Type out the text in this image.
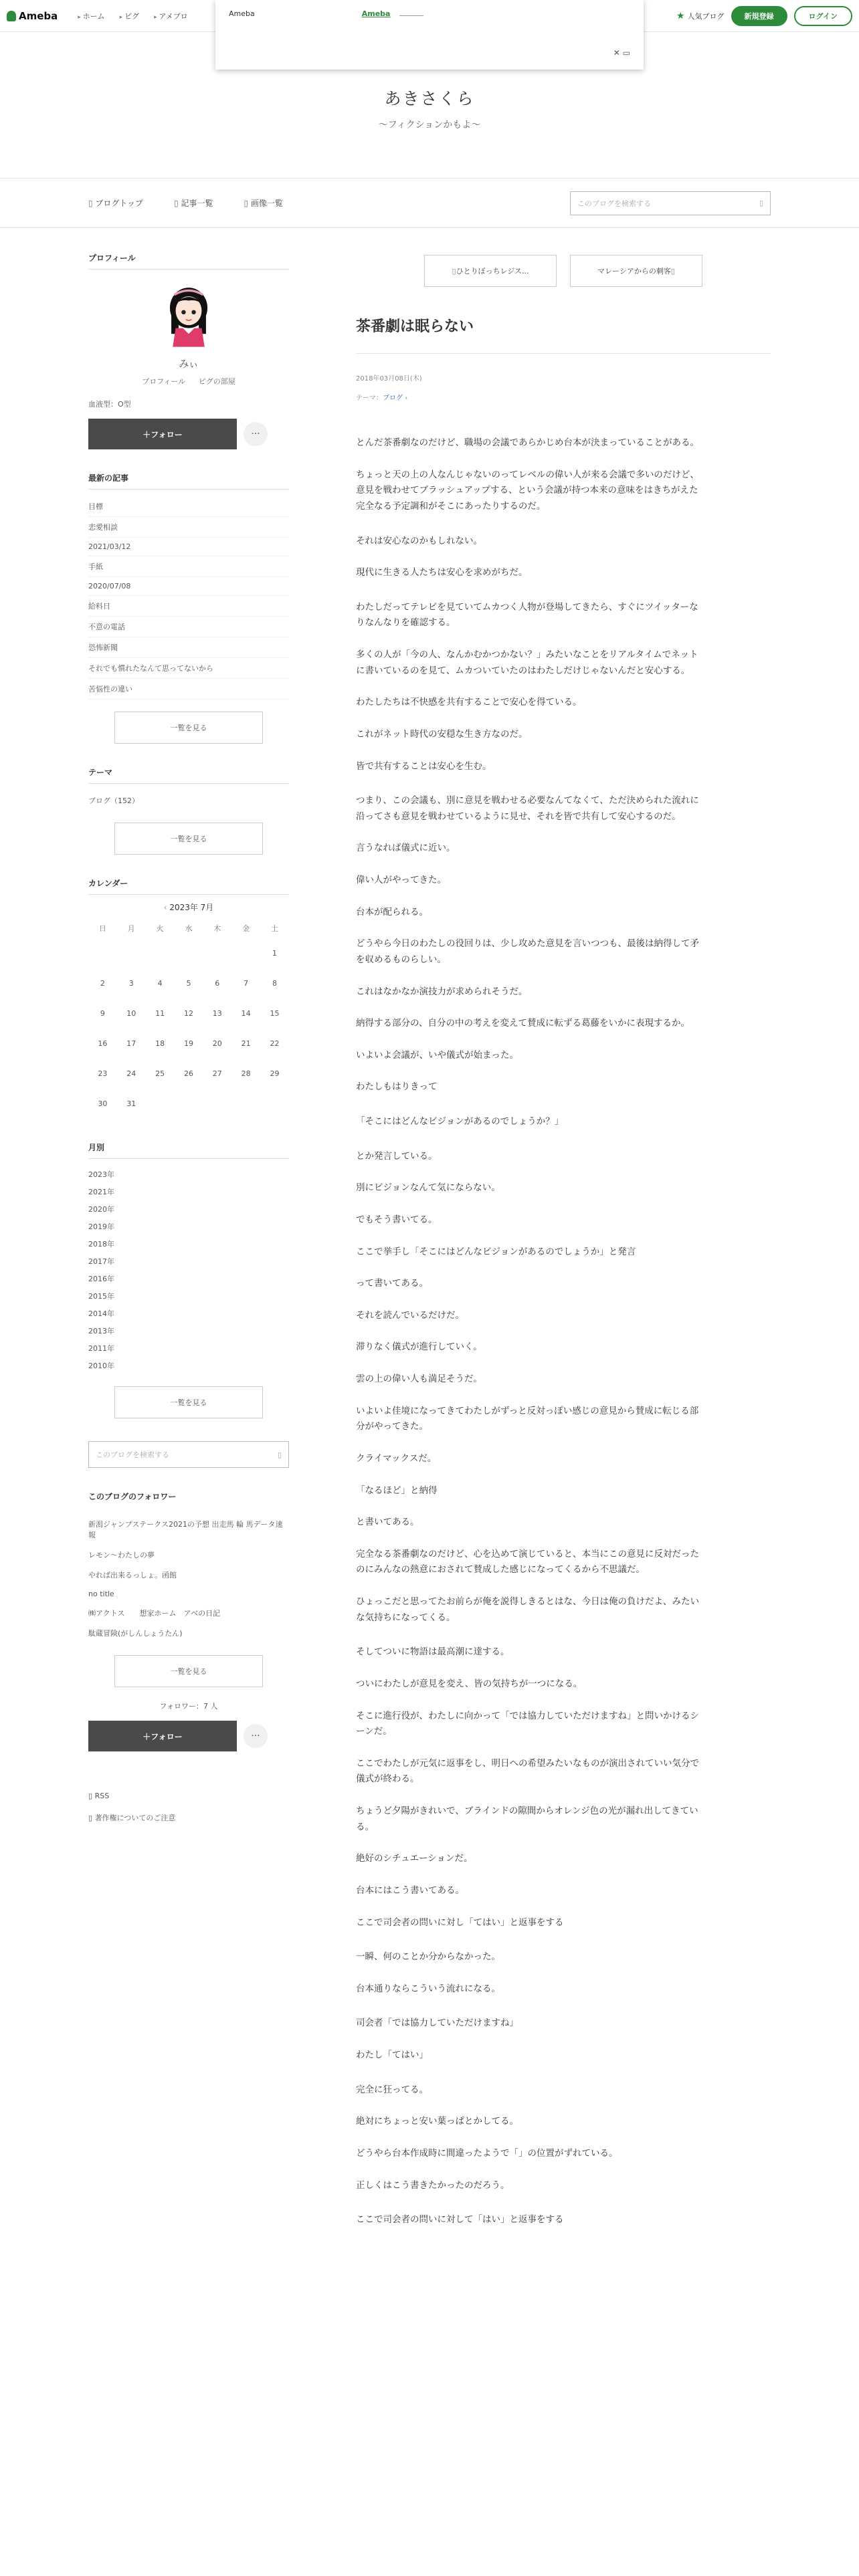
Ameba	▸ ホーム	▸ ピグ	▸ アメブロ	★ 人気ブログ	新規登録	ログイン
Ameba	Ameba
✕ ▭
あきさくら
〜フィクションかもよ〜
▯ ブログトップ	▯ 記事一覧	▯ 画像一覧	このブログを検索する	▯
プロフィール
みぃ
プロフィール ピグの部屋
血液型：O型
＋フォロー	···
最新の記事
目標
恋愛相談
2021/03/12
手紙
2020/07/08
給料日
不意の電話
恐怖新聞
それでも慣れたなんて思ってないから
苦悩性の違い
一覧を見る
テーマ
ブログ（152）
一覧を見る
カレンダー
‹ 2023年 7月
日	月	火	水	木	金	土
						1
2	3	4	5	6	7	8
9	10	11	12	13	14	15
16	17	18	19	20	21	22
23	24	25	26	27	28	29
30	31					
月別
2023年
2021年
2020年
2019年
2018年
2017年
2016年
2015年
2014年
2013年
2011年
2010年
一覧を見る
このブログを検索する	▯
このブログのフォロワー
新潟ジャンプステークス2021の予想 出走馬 輪 馬データ速報
レモン〜わたしの夢
やれば出来るっしょ。函館
no title
㈱アクトス　　想家ホーム　アベの日記
駄蔵冒険(がしんしょうたん)
一覧を見る
フォロワー：7 人
＋フォロー	···
▯ RSS
▯ 著作権についてのご注意
▯ ひとりぼっちレジス...	マレーシアからの刺客 ▯
茶番劇は眠らない
2018年03月08日(木)
テーマ：ブログ ›

とんだ茶番劇なのだけど、職場の会議であらかじめ台本が決まっていることがある。

ちょっと天の上の人なんじゃないのってレベルの偉い人が来る会議で多いのだけど、
意見を戦わせてブラッシュアップする、という会議が持つ本来の意味をはきちがえた
完全なる予定調和がそこにあったりするのだ。

それは安心なのかもしれない。

現代に生きる人たちは安心を求めがちだ。

わたしだってテレビを見ていてムカつく人物が登場してきたら、すぐにツイッターな
りなんなりを確認する。

多くの人が「今の人、なんかむかつかない？」みたいなことをリアルタイムでネット
に書いているのを見て、ムカついていたのはわたしだけじゃないんだと安心する。

わたしたちは不快感を共有することで安心を得ている。

これがネット時代の安穏な生き方なのだ。

皆で共有することは安心を生む。

つまり、この会議も、別に意見を戦わせる必要なんてなくて、ただ決められた流れに
沿ってさも意見を戦わせているように見せ、それを皆で共有して安心するのだ。

言うなれば儀式に近い。

偉い人がやってきた。

台本が配られる。

どうやら今日のわたしの役回りは、少し攻めた意見を言いつつも、最後は納得して矛
を収めるものらしい。

これはなかなか演技力が求められそうだ。

納得する部分の、自分の中の考えを変えて賛成に転ずる葛藤をいかに表現するか。

いよいよ会議が、いや儀式が始まった。

わたしもはりきって

「そこにはどんなビジョンがあるのでしょうか？」

とか発言している。

別にビジョンなんて気にならない。

でもそう書いてる。

ここで挙手し「そこにはどんなビジョンがあるのでしょうか」と発言

って書いてある。

それを読んでいるだけだ。

滞りなく儀式が進行していく。

雲の上の偉い人も満足そうだ。

いよいよ佳境になってきてわたしがずっと反対っぽい感じの意見から賛成に転じる部
分がやってきた。

クライマックスだ。

「なるほど」と納得

と書いてある。

完全なる茶番劇なのだけど、心を込めて演じていると、本当にこの意見に反対だった
のにみんなの熱意におされて賛成した感じになってくるから不思議だ。

ひょっこだと思ってたお前らが俺を説得しきるとはな、今日は俺の負けだよ、みたい
な気持ちになってくる。

そしてついに物語は最高潮に達する。

ついにわたしが意見を変え、皆の気持ちが一つになる。

そこに進行役が、わたしに向かって「では協力していただけますね」と問いかけるシ
ーンだ。

ここでわたしが元気に返事をし、明日への希望みたいなものが演出されていい気分で
儀式が終わる。

ちょうど夕陽がきれいで、ブラインドの隙間からオレンジ色の光が漏れ出してきてい
る。

絶好のシチュエーションだ。

台本にはこう書いてある。

ここで司会者の問いに対し「てはい」と返事をする

一瞬、何のことか分からなかった。

台本通りならこういう流れになる。

司会者「では協力していただけますね」

わたし「てはい」

完全に狂ってる。

絶対にちょっと安い葉っぱとかしてる。

どうやら台本作成時に間違ったようで「」の位置がずれている。

正しくはこう書きたかったのだろう。

ここで司会者の問いに対して「はい」と返事をする
